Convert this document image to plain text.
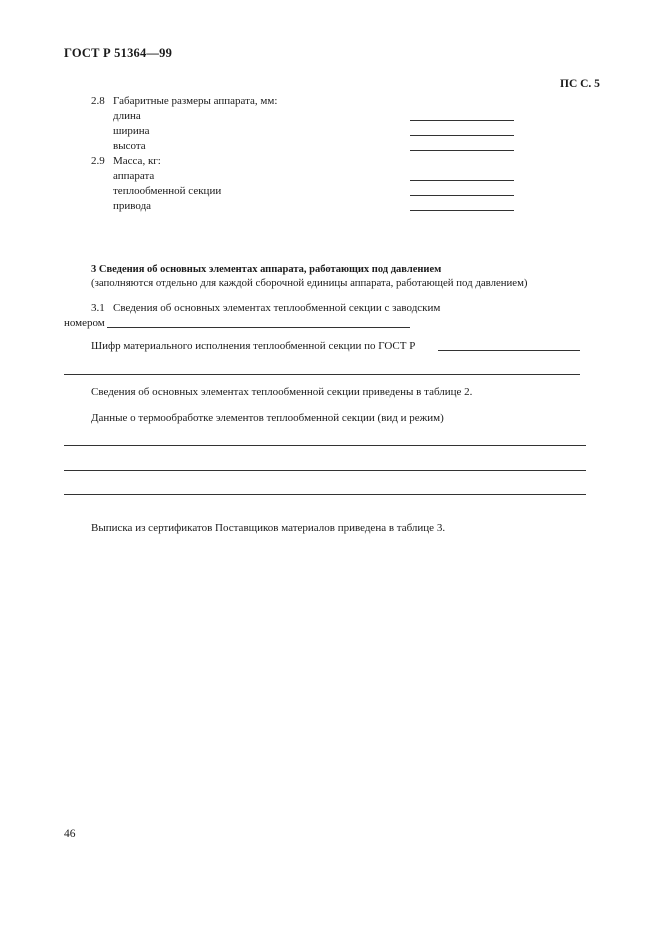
ГОСТ Р 51364—99
ПС С. 5
2.8 Габаритные размеры аппарата, мм:
длина
ширина
высота
2.9 Масса, кг:
аппарата
теплообменной секции
привода
3 Сведения об основных элементах аппарата, работающих под давлением
(заполняются отдельно для каждой сборочной единицы аппарата, работающей под давлением)
3.1 Сведения об основных элементах теплообменной секции с заводским
номером
Шифр материального исполнения теплообменной секции по ГОСТ Р
Сведения об основных элементах теплообменной секции приведены в таблице 2.
Данные о термообработке элементов теплообменной секции (вид и режим)
Выписка из сертификатов Поставщиков материалов приведена в таблице 3.
46
